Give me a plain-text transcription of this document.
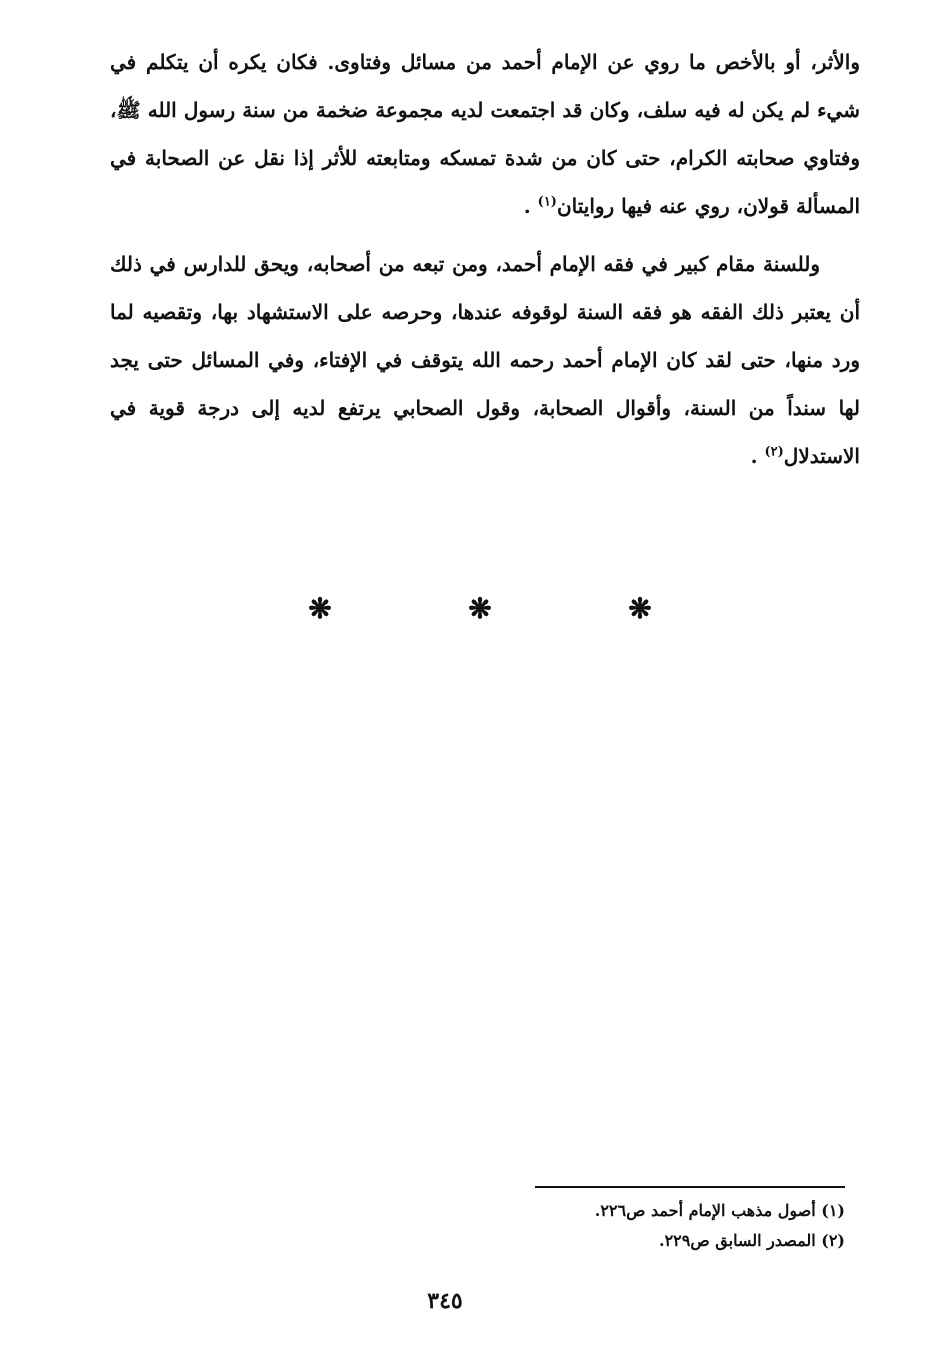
والأثر، أو بالأخص ما روي عن الإمام أحمد من مسائل وفتاوى. فكان يكره أن يتكلم في شيء لم يكن له فيه سلف، وكان قد اجتمعت لديه مجموعة ضخمة من سنة رسول الله ﷺ، وفتاوي صحابته الكرام، حتى كان من شدة تمسكه ومتابعته للأثر إذا نقل عن الصحابة في المسألة قولان، روي عنه فيها روايتان$^{(١)}$ .

وللسنة مقام كبير في فقه الإمام أحمد، ومن تبعه من أصحابه، ويحق للدارس في ذلك أن يعتبر ذلك الفقه هو فقه السنة لوقوفه عندها، وحرصه على الاستشهاد بها، وتقصيه لما ورد منها، حتى لقد كان الإمام أحمد رحمه الله يتوقف في الإفتاء، وفي المسائل حتى يجد لها سنداً من السنة، وأقوال الصحابة، وقول الصحابي يرتفع لديه إلى درجة قوية في الاستدلال$^{(٢)}$ .

❋	❋	❋

(١) أصول مذهب الإمام أحمد ص٢٢٦.

(٢) المصدر السابق ص٢٢٩.

٣٤٥
